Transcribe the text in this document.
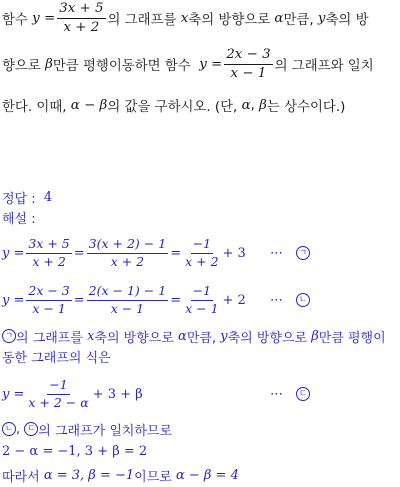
함수
$y = \frac{3x + 5}{x + 2}$ 의 그래프를
x 축의 방향으로
α 만큼,
y 축의 방
향으로
β 만큼 평행이동하면 함수
$y = \frac{2x - 3}{x - 1}$ 의 그래프와 일치
한다. 이때,
α − β 의 값을 구하시오. (단,
α ,
β 는 상수이다.)
정답 :
4
해설 :
$y = \frac{3x + 5}{x + 2} = \frac{3(x + 2) - 1}{x + 2} = \frac{-1}{x + 2} + 3$ ⋯	ㄱ
$y = \frac{2x - 3}{x - 1} = \frac{2(x - 1) - 1}{x - 1} = \frac{-1}{x - 1} + 2$ ⋯	ㄴ
ㄱ 의 그래프를
x 축의 방향으로
α 만큼,
y 축의 방향으로
β 만큼 평행이
동한 그래프의 식은
$y = \frac{-1}{x + 2 - \alpha} + 3 + \beta$	⋯	ㄷ
ㄴ ,
ㄷ 의 그래프가 일치하므로
2 − α = −1, 3 + β = 2
따라서
α = 3, β = −1 이므로
α − β = 4
